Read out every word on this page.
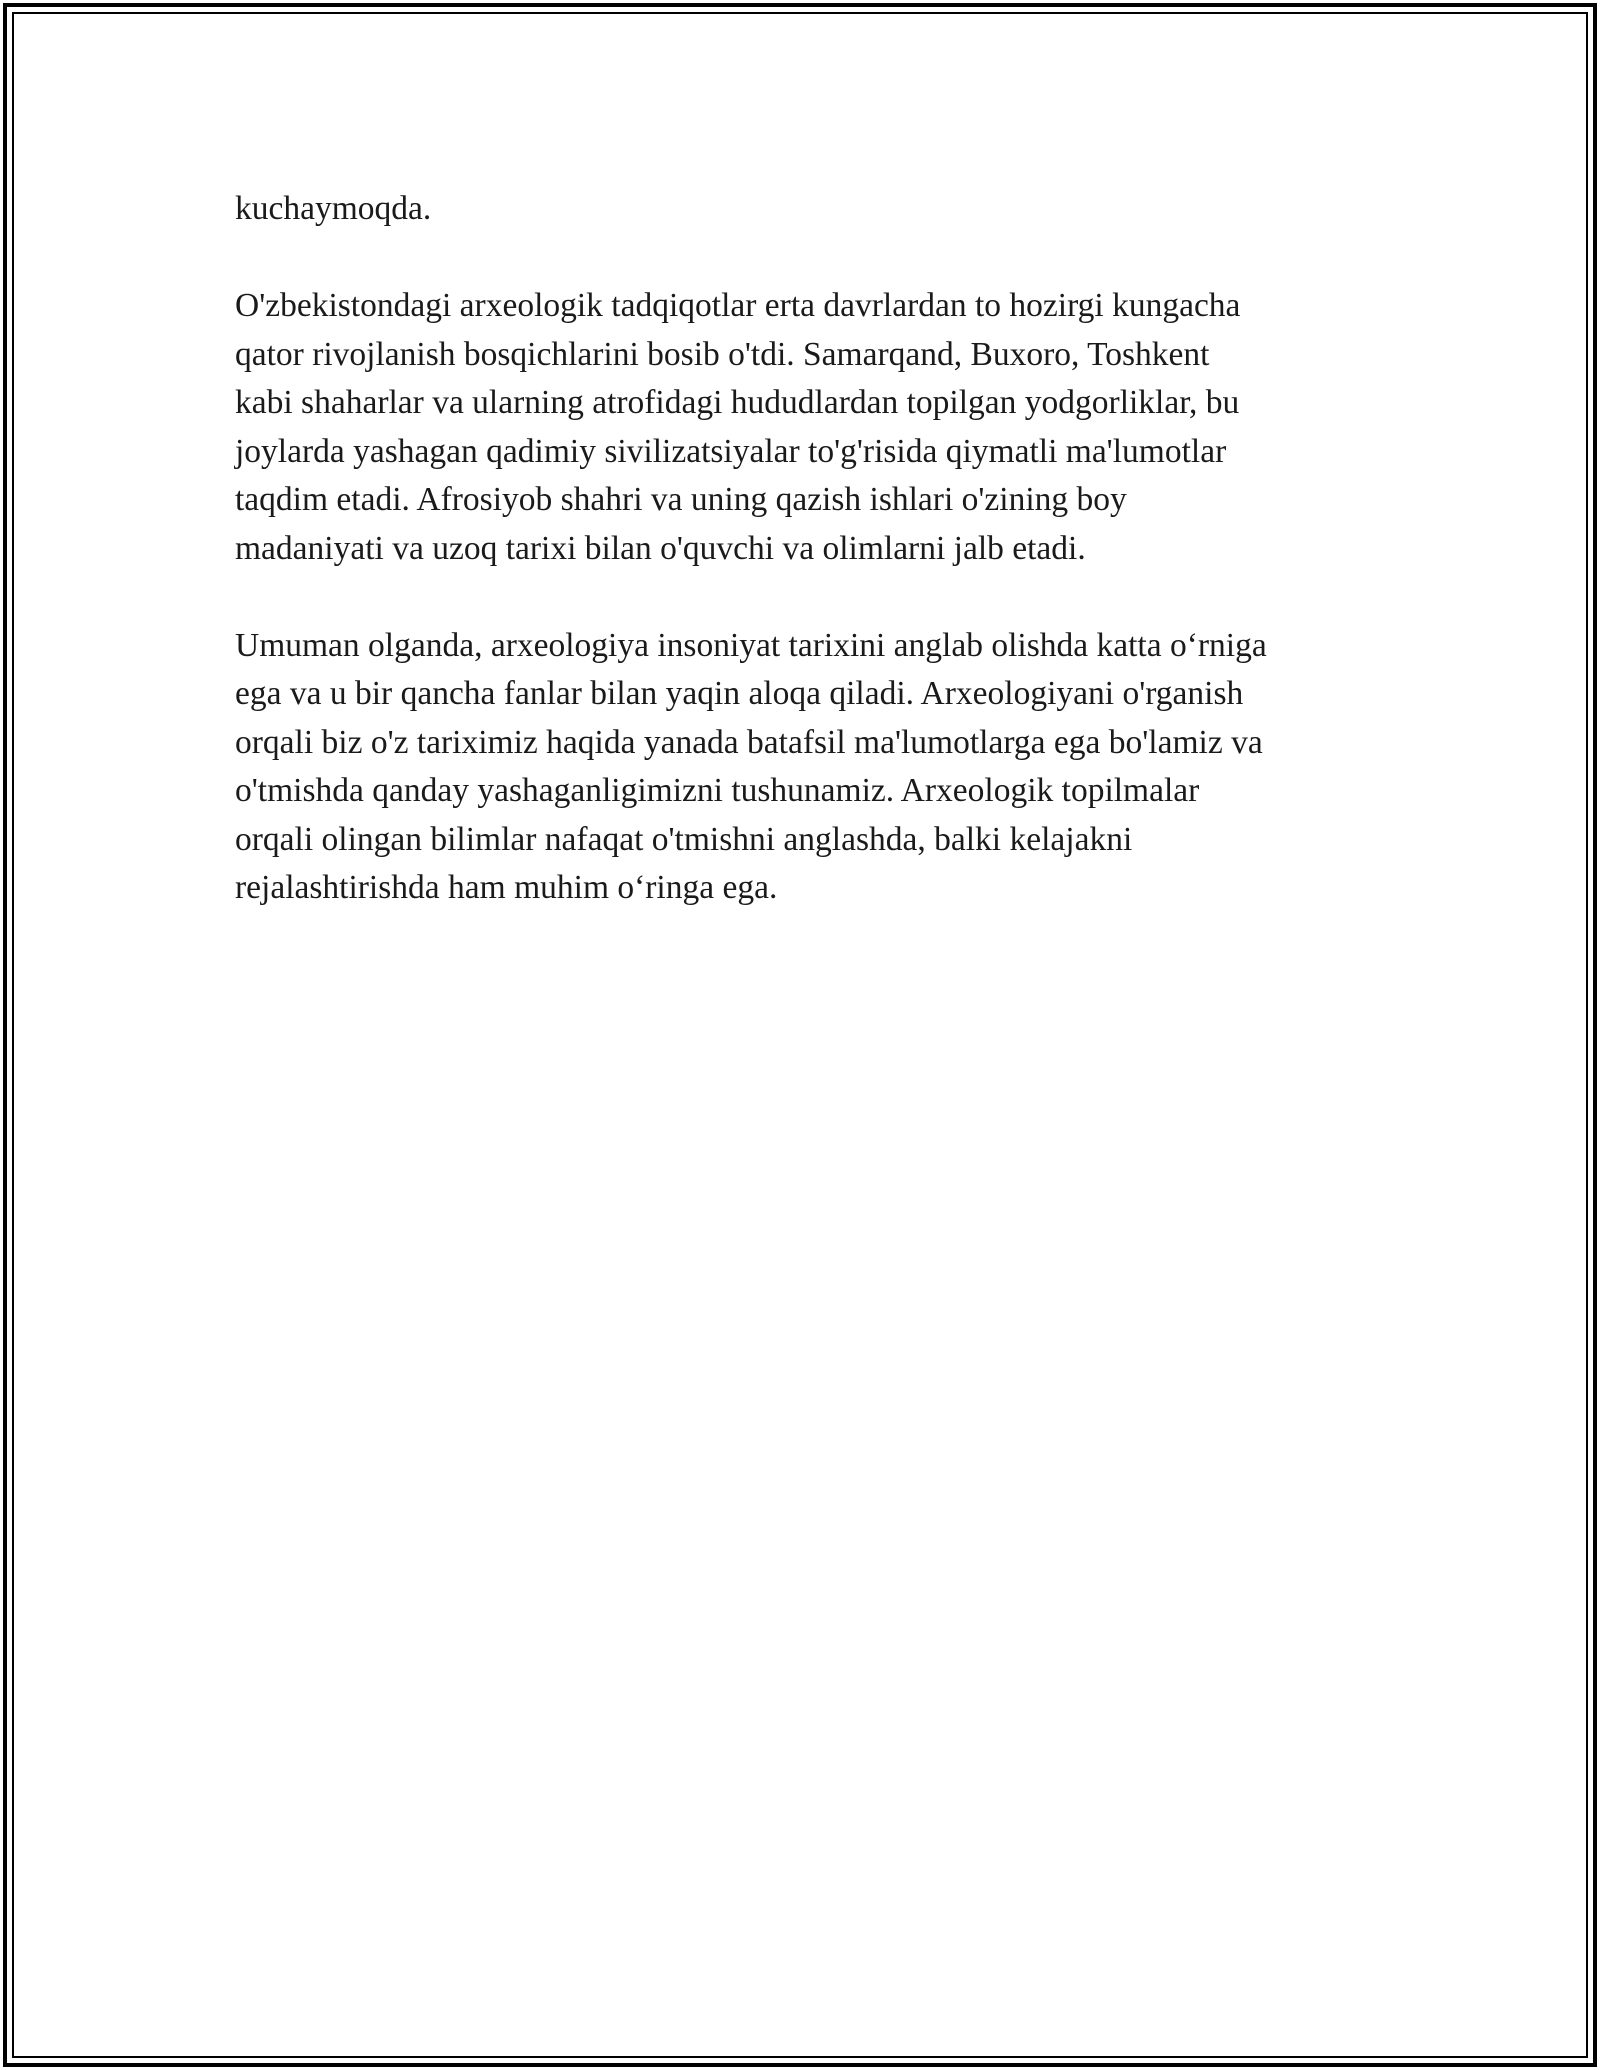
kuchaymoqda.

O'zbekistondagi arxeologik tadqiqotlar erta davrlardan to hozirgi kungacha
qator rivojlanish bosqichlarini bosib o'tdi. Samarqand, Buxoro, Toshkent
kabi shaharlar va ularning atrofidagi hududlardan topilgan yodgorliklar, bu
joylarda yashagan qadimiy sivilizatsiyalar to'g'risida qiymatli ma'lumotlar
taqdim etadi. Afrosiyob shahri va uning qazish ishlari o'zining boy
madaniyati va uzoq tarixi bilan o'quvchi va olimlarni jalb etadi.

Umuman olganda, arxeologiya insoniyat tarixini anglab olishda katta o‘rniga
ega va u bir qancha fanlar bilan yaqin aloqa qiladi. Arxeologiyani o'rganish
orqali biz o'z tariximiz haqida yanada batafsil ma'lumotlarga ega bo'lamiz va
o'tmishda qanday yashaganligimizni tushunamiz. Arxeologik topilmalar
orqali olingan bilimlar nafaqat o'tmishni anglashda, balki kelajakni
rejalashtirishda ham muhim o‘ringa ega.
